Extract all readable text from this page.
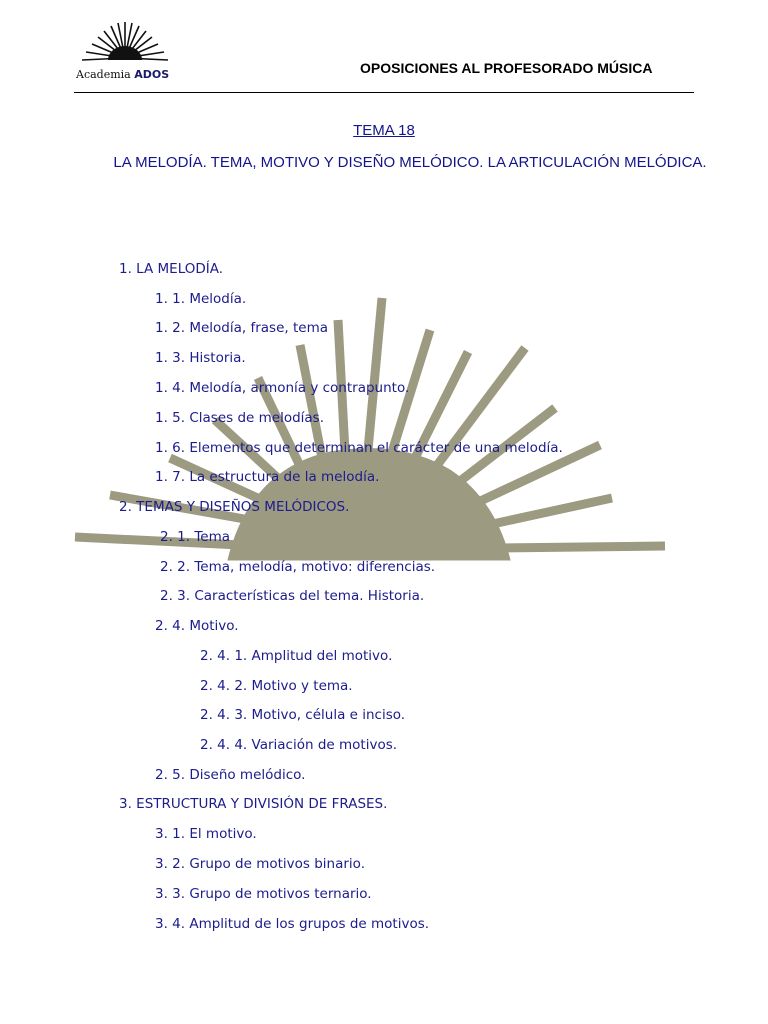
Academia ADOS	OPOSICIONES AL PROFESORADO MÚSICA
TEMA 18
LA MELODÍA. TEMA, MOTIVO Y DISEÑO MELÓDICO. LA ARTICULACIÓN MELÓDICA.
1. LA MELODÍA.
1. 1. Melodía.
1. 2. Melodía, frase, tema
1. 3. Historia.
1. 4. Melodía, armonía y contrapunto.
1. 5. Clases de melodías.
1. 6. Elementos que determinan el carácter de una melodía.
1. 7. La estructura de la melodía.
2. TEMAS Y DISEÑOS MELÓDICOS.
2. 1. Tema
2. 2. Tema, melodía, motivo: diferencias.
2. 3. Características del tema. Historia.
2. 4. Motivo.
2. 4. 1. Amplitud del motivo.
2. 4. 2. Motivo y tema.
2. 4. 3. Motivo, célula e inciso.
2. 4. 4. Variación de motivos.
2. 5. Diseño melódico.
3. ESTRUCTURA Y DIVISIÓN DE FRASES.
3. 1. El motivo.
3. 2. Grupo de motivos binario.
3. 3. Grupo de motivos ternario.
3. 4. Amplitud de los grupos de motivos.
